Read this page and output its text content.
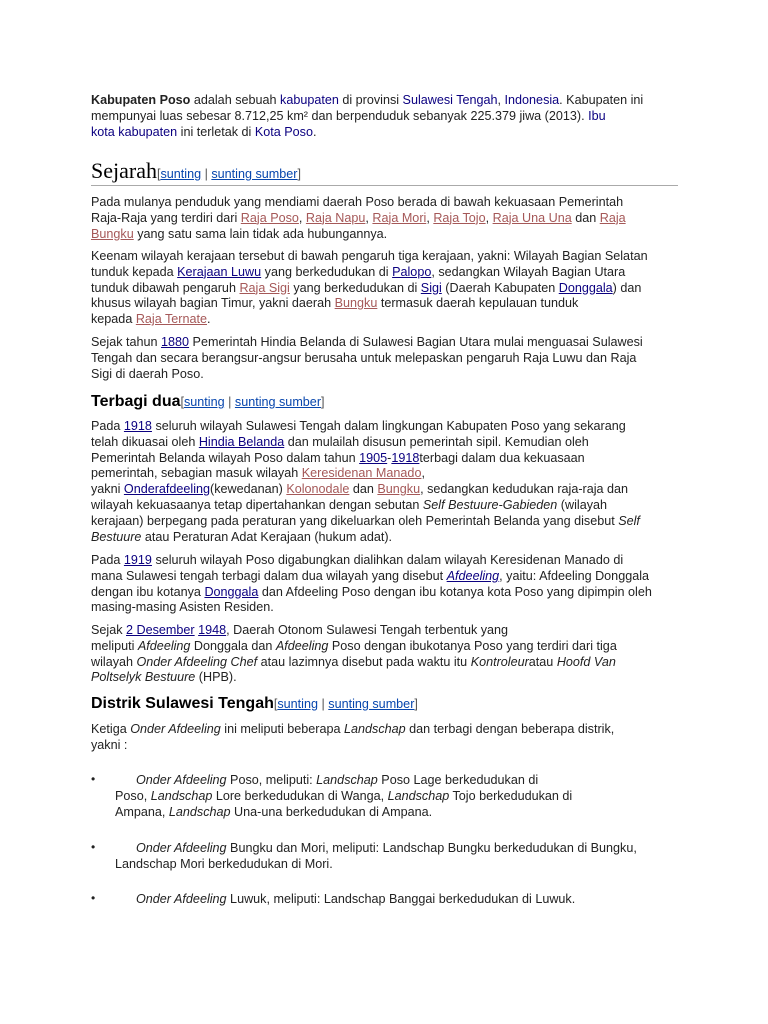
Kabupaten Poso adalah sebuah kabupaten di provinsi Sulawesi Tengah, Indonesia. Kabupaten ini
mempunyai luas sebesar 8.712,25 km² dan berpenduduk sebanyak 225.379 jiwa (2013). Ibu
kota kabupaten ini terletak di Kota Poso.

Sejarah[sunting | sunting sumber]

Pada mulanya penduduk yang mendiami daerah Poso berada di bawah kekuasaan Pemerintah
Raja-Raja yang terdiri dari Raja Poso, Raja Napu, Raja Mori, Raja Tojo, Raja Una Una dan Raja
Bungku yang satu sama lain tidak ada hubungannya.

Keenam wilayah kerajaan tersebut di bawah pengaruh tiga kerajaan, yakni: Wilayah Bagian Selatan
tunduk kepada Kerajaan Luwu yang berkedudukan di Palopo, sedangkan Wilayah Bagian Utara
tunduk dibawah pengaruh Raja Sigi yang berkedudukan di Sigi (Daerah Kabupaten Donggala) dan
khusus wilayah bagian Timur, yakni daerah Bungku termasuk daerah kepulauan tunduk
kepada Raja Ternate.

Sejak tahun 1880 Pemerintah Hindia Belanda di Sulawesi Bagian Utara mulai menguasai Sulawesi
Tengah dan secara berangsur-angsur berusaha untuk melepaskan pengaruh Raja Luwu dan Raja
Sigi di daerah Poso.

Terbagi dua[sunting | sunting sumber]

Pada 1918 seluruh wilayah Sulawesi Tengah dalam lingkungan Kabupaten Poso yang sekarang
telah dikuasai oleh Hindia Belanda dan mulailah disusun pemerintah sipil. Kemudian oleh
Pemerintah Belanda wilayah Poso dalam tahun 1905-1918terbagi dalam dua kekuasaan
pemerintah, sebagian masuk wilayah Keresidenan Manado,
yakni Onderafdeeling(kewedanan) Kolonodale dan Bungku, sedangkan kedudukan raja-raja dan
wilayah kekuasaanya tetap dipertahankan dengan sebutan Self Bestuure-Gabieden (wilayah
kerajaan) berpegang pada peraturan yang dikeluarkan oleh Pemerintah Belanda yang disebut Self
Bestuure atau Peraturan Adat Kerajaan (hukum adat).

Pada 1919 seluruh wilayah Poso digabungkan dialihkan dalam wilayah Keresidenan Manado di
mana Sulawesi tengah terbagi dalam dua wilayah yang disebut Afdeeling, yaitu: Afdeeling Donggala
dengan ibu kotanya Donggala dan Afdeeling Poso dengan ibu kotanya kota Poso yang dipimpin oleh
masing-masing Asisten Residen.

Sejak 2 Desember 1948, Daerah Otonom Sulawesi Tengah terbentuk yang
meliputi Afdeeling Donggala dan Afdeeling Poso dengan ibukotanya Poso yang terdiri dari tiga
wilayah Onder Afdeeling Chef atau lazimnya disebut pada waktu itu Kontroleuratau Hoofd Van
Poltselyk Bestuure (HPB).

Distrik Sulawesi Tengah[sunting | sunting sumber]

Ketiga Onder Afdeeling ini meliputi beberapa Landschap dan terbagi dengan beberapa distrik,
yakni :

•	Onder Afdeeling Poso, meliputi: Landschap Poso Lage berkedudukan di
Poso, Landschap Lore berkedudukan di Wanga, Landschap Tojo berkedudukan di
Ampana, Landschap Una-una berkedudukan di Ampana.

•	Onder Afdeeling Bungku dan Mori, meliputi: Landschap Bungku berkedudukan di Bungku,
Landschap Mori berkedudukan di Mori.

•	Onder Afdeeling Luwuk, meliputi: Landschap Banggai berkedudukan di Luwuk.
